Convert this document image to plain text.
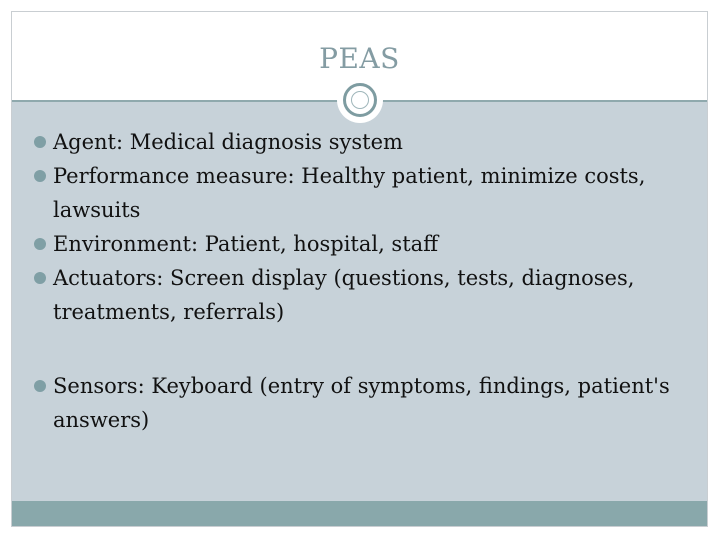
PEAS
Agent: Medical diagnosis system
Performance measure: Healthy patient, minimize costs, lawsuits
Environment: Patient, hospital, staff
Actuators: Screen display (questions, tests, diagnoses, treatments, referrals)
Sensors: Keyboard (entry of symptoms, findings, patient's answers)
